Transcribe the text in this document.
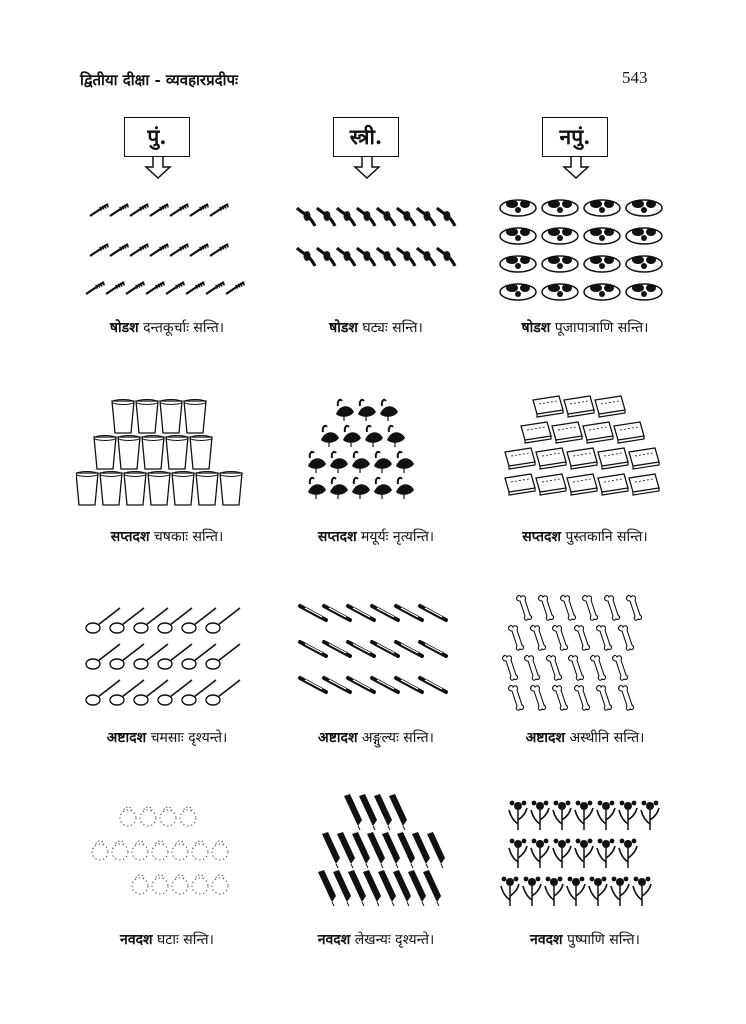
द्वितीया दीक्षा - व्यवहारप्रदीपः	543
पुं.	स्त्री.	नपुं.
षोडश दन्तकूर्चाः सन्ति।	षोडश घट्यः सन्ति।	षोडश पूजापात्राणि सन्ति।
सप्तदश चषकाः सन्ति।	सप्तदश मयूर्यः नृत्यन्ति।	सप्तदश पुस्तकानि सन्ति।
अष्टादश चमसाः दृश्यन्ते।	अष्टादश अङ्गुल्यः सन्ति।	अष्टादश अस्थीनि सन्ति।
नवदश घटाः सन्ति।	नवदश लेखन्यः दृश्यन्ते।	नवदश पुष्पाणि सन्ति।
